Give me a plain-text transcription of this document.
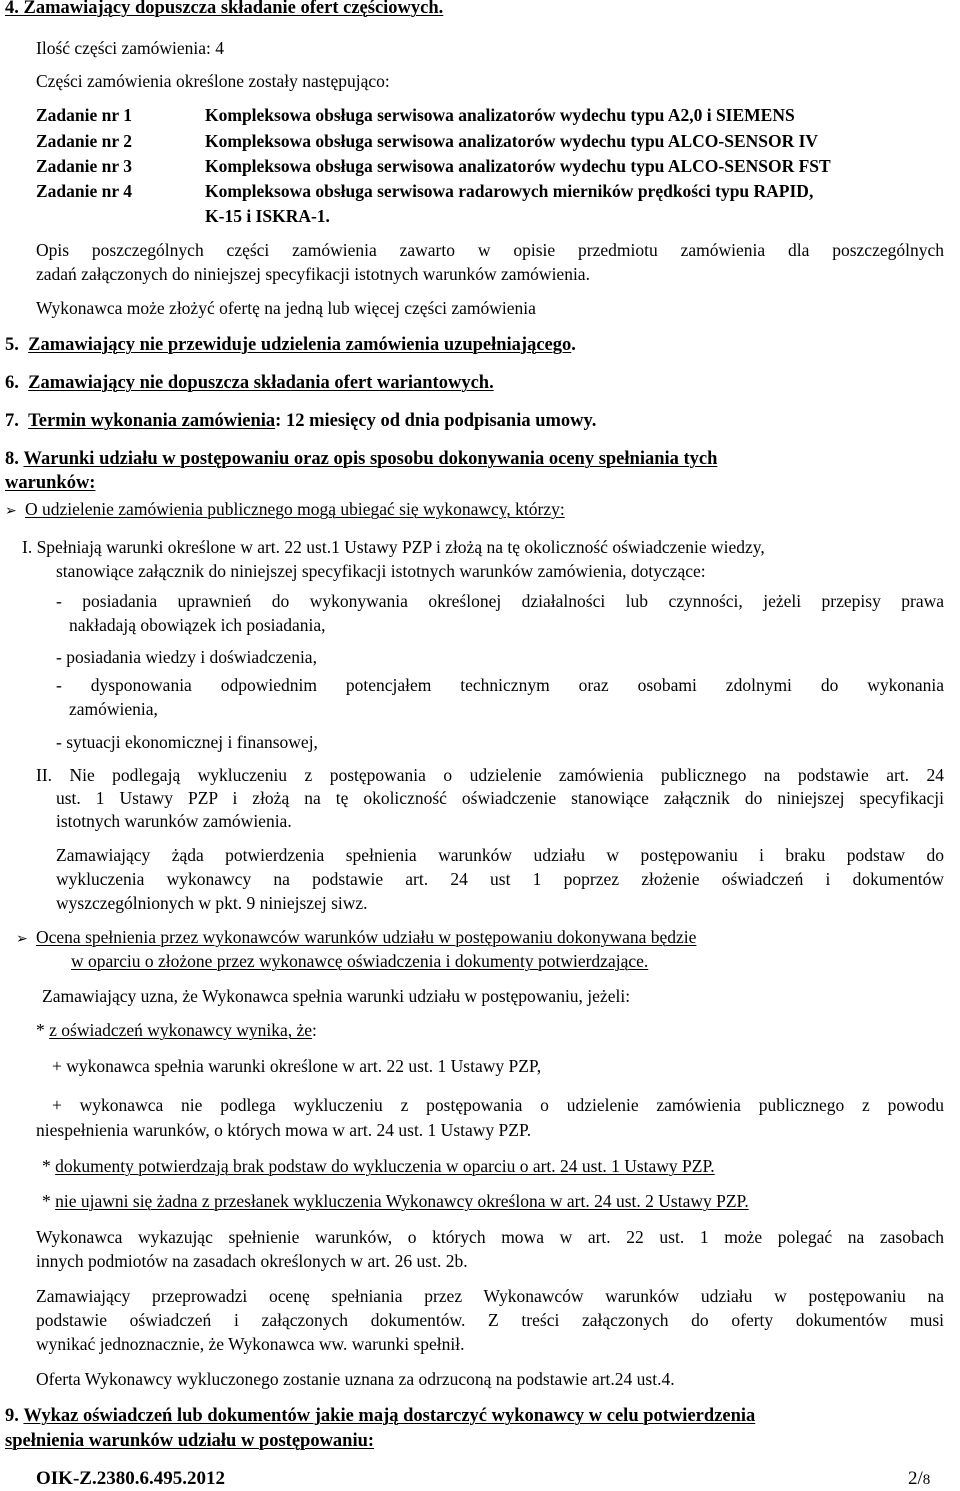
4. Zamawiający dopuszcza składanie ofert częściowych.
Ilość części zamówienia: 4
Części zamówienia określone zostały następująco:
Zadanie nr 1	Kompleksowa obsługa serwisowa analizatorów wydechu typu A2,0 i SIEMENS
Zadanie nr 2	Kompleksowa obsługa serwisowa analizatorów wydechu typu ALCO-SENSOR IV
Zadanie nr 3	Kompleksowa obsługa serwisowa analizatorów wydechu typu ALCO-SENSOR FST
Zadanie nr 4	Kompleksowa obsługa serwisowa radarowych mierników prędkości typu RAPID,
K-15 i ISKRA-1.
Opis poszczególnych części zamówienia zawarto w opisie przedmiotu zamówienia dla poszczególnych
zadań załączonych do niniejszej specyfikacji istotnych warunków zamówienia.
Wykonawca może złożyć ofertę na jedną lub więcej części zamówienia
5. Zamawiający nie przewiduje udzielenia zamówienia uzupełniającego.
6. Zamawiający nie dopuszcza składania ofert wariantowych.
7. Termin wykonania zamówienia: 12 miesięcy od dnia podpisania umowy.
8. Warunki udziału w postępowaniu oraz opis sposobu dokonywania oceny spełniania tych
warunków:
➢ O udzielenie zamówienia publicznego mogą ubiegać się wykonawcy, którzy:
I. Spełniają warunki określone w art. 22 ust.1 Ustawy PZP i złożą na tę okoliczność oświadczenie wiedzy,
stanowiące załącznik do niniejszej specyfikacji istotnych warunków zamówienia, dotyczące:
- posiadania uprawnień do wykonywania określonej działalności lub czynności, jeżeli przepisy prawa
nakładają obowiązek ich posiadania,
- posiadania wiedzy i doświadczenia,
- dysponowania odpowiednim potencjałem technicznym oraz osobami zdolnymi do wykonania
zamówienia,
- sytuacji ekonomicznej i finansowej,
II. Nie podlegają wykluczeniu z postępowania o udzielenie zamówienia publicznego na podstawie art. 24
ust. 1 Ustawy PZP i złożą na tę okoliczność oświadczenie stanowiące załącznik do niniejszej specyfikacji
istotnych warunków zamówienia.
Zamawiający żąda potwierdzenia spełnienia warunków udziału w postępowaniu i braku podstaw do
wykluczenia wykonawcy na podstawie art. 24 ust 1 poprzez złożenie oświadczeń i dokumentów
wyszczególnionych w pkt. 9 niniejszej siwz.
➢ Ocena spełnienia przez wykonawców warunków udziału w postępowaniu dokonywana będzie
w oparciu o złożone przez wykonawcę oświadczenia i dokumenty potwierdzające.
Zamawiający uzna, że Wykonawca spełnia warunki udziału w postępowaniu, jeżeli:
* z oświadczeń wykonawcy wynika, że:
+ wykonawca spełnia warunki określone w art. 22 ust. 1 Ustawy PZP,
+ wykonawca nie podlega wykluczeniu z postępowania o udzielenie zamówienia publicznego z powodu
niespełnienia warunków, o których mowa w art. 24 ust. 1 Ustawy PZP.
* dokumenty potwierdzają brak podstaw do wykluczenia w oparciu o art. 24 ust. 1 Ustawy PZP.
* nie ujawni się żadna z przesłanek wykluczenia Wykonawcy określona w art. 24 ust. 2 Ustawy PZP.
Wykonawca wykazując spełnienie warunków, o których mowa w art. 22 ust. 1 może polegać na zasobach
innych podmiotów na zasadach określonych w art. 26 ust. 2b.
Zamawiający przeprowadzi ocenę spełniania przez Wykonawców warunków udziału w postępowaniu na
podstawie oświadczeń i załączonych dokumentów. Z treści załączonych do oferty dokumentów musi
wynikać jednoznacznie, że Wykonawca ww. warunki spełnił.
Oferta Wykonawcy wykluczonego zostanie uznana za odrzuconą na podstawie art.24 ust.4.
9. Wykaz oświadczeń lub dokumentów jakie mają dostarczyć wykonawcy w celu potwierdzenia
spełnienia warunków udziału w postępowaniu:
OIK-Z.2380.6.495.2012	2/8
